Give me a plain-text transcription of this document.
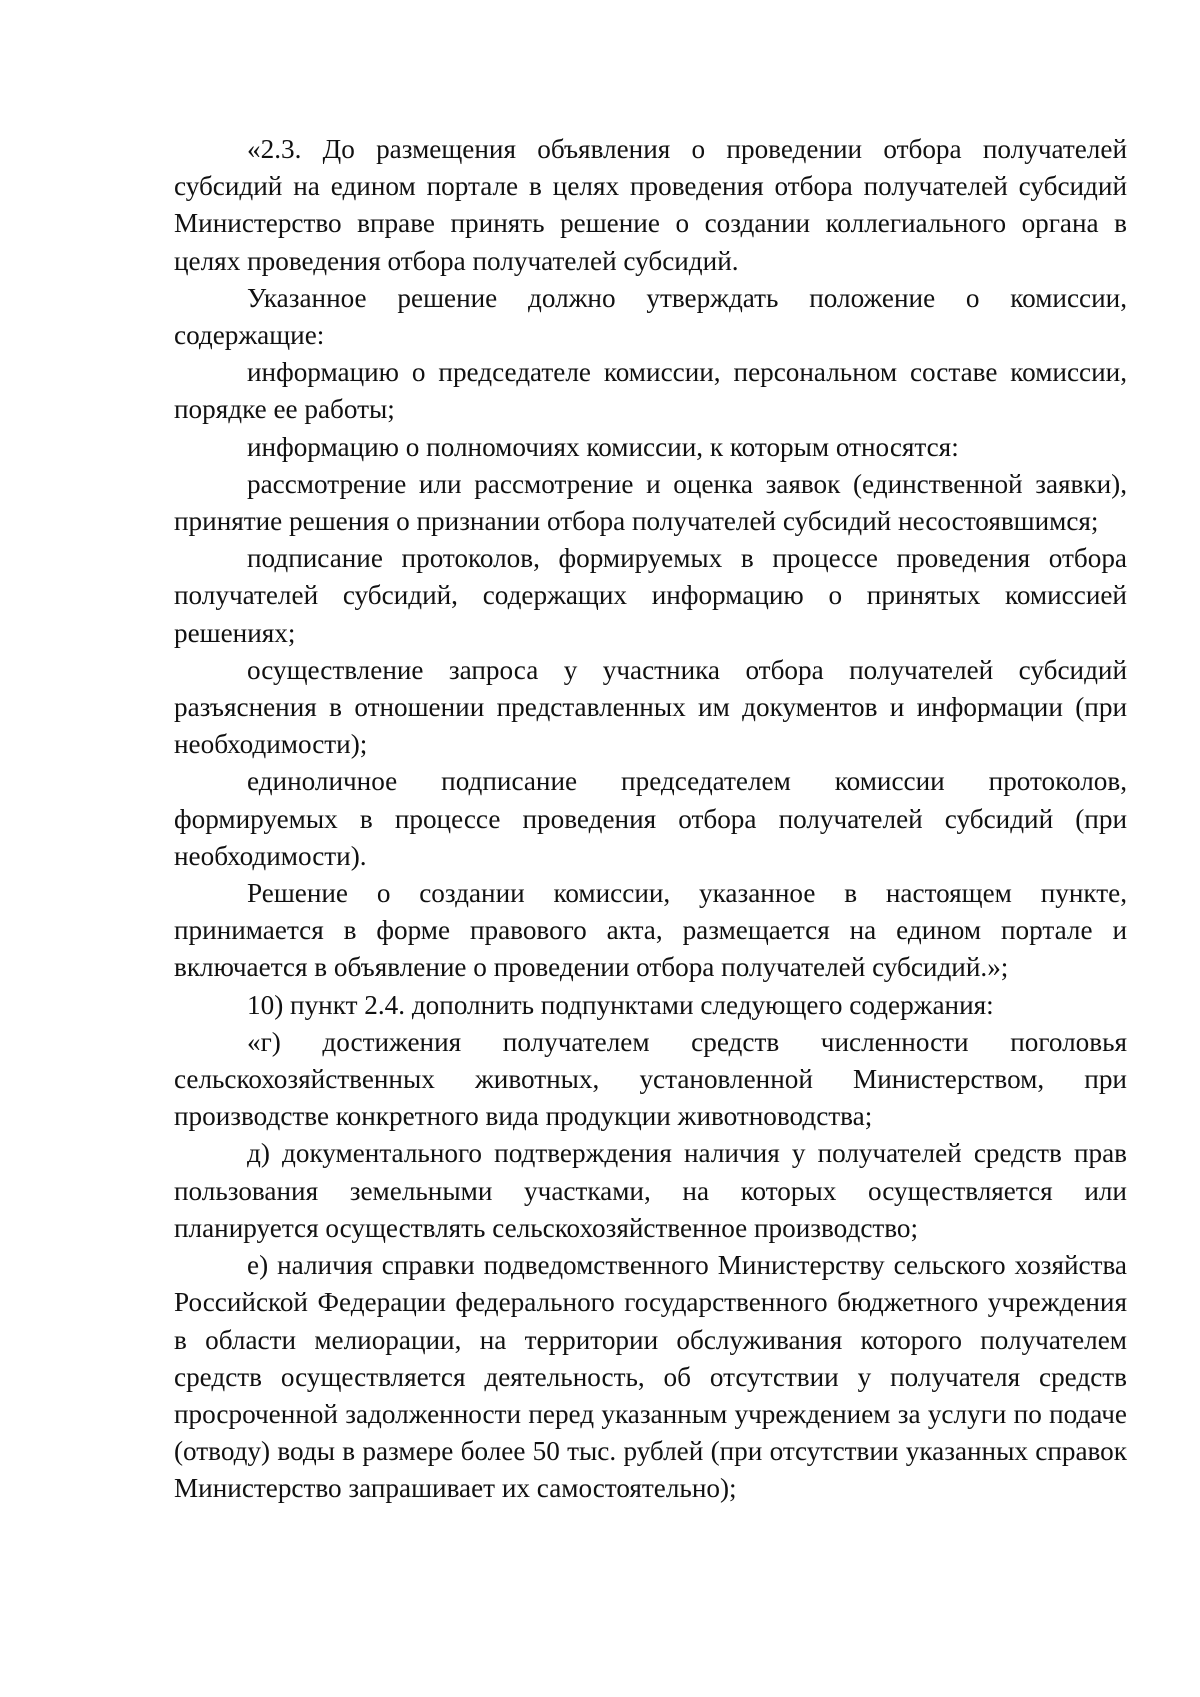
«2.3. До размещения объявления о проведении отбора получателей субсидий на едином портале в целях проведения отбора получателей субсидий Министерство вправе принять решение о создании коллегиального органа в целях проведения отбора получателей субсидий.

Указанное решение должно утверждать положение о комиссии, содержащие:

информацию о председателе комиссии, персональном составе комиссии, порядке ее работы;

информацию о полномочиях комиссии, к которым относятся:

рассмотрение или рассмотрение и оценка заявок (единственной заявки), принятие решения о признании отбора получателей субсидий несостоявшимся;

подписание протоколов, формируемых в процессе проведения отбора получателей субсидий, содержащих информацию о принятых комиссией решениях;

осуществление запроса у участника отбора получателей субсидий разъяснения в отношении представленных им документов и информации (при необходимости);

единоличное подписание председателем комиссии протоколов, формируемых в процессе проведения отбора получателей субсидий (при необходимости).

Решение о создании комиссии, указанное в настоящем пункте, принимается в форме правового акта, размещается на едином портале и включается в объявление о проведении отбора получателей субсидий.»;

10) пункт 2.4. дополнить подпунктами следующего содержания:

«г) достижения получателем средств численности поголовья сельскохозяйственных животных, установленной Министерством, при производстве конкретного вида продукции животноводства;

д) документального подтверждения наличия у получателей средств прав пользования земельными участками, на которых осуществляется или планируется осуществлять сельскохозяйственное производство;

е) наличия справки подведомственного Министерству сельского хозяйства Российской Федерации федерального государственного бюджетного учреждения в области мелиорации, на территории обслуживания которого получателем средств осуществляется деятельность, об отсутствии у получателя средств просроченной задолженности перед указанным учреждением за услуги по подаче (отводу) воды в размере более 50 тыс. рублей (при отсутствии указанных справок Министерство запрашивает их самостоятельно);
